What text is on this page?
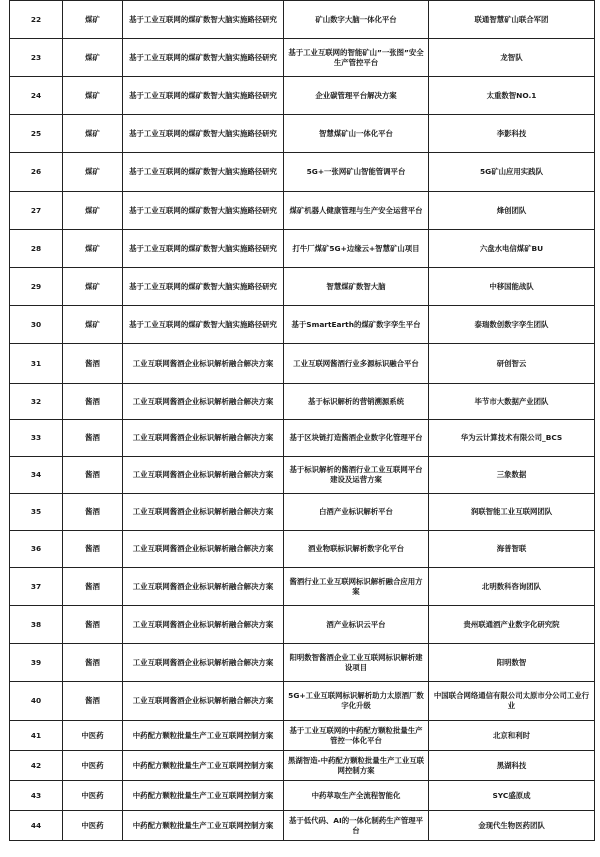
22	煤矿	基于工业互联网的煤矿数智大脑实施路径研究	矿山数字大脑一体化平台	联通智慧矿山联合军团
23	煤矿	基于工业互联网的煤矿数智大脑实施路径研究	基于工业互联网的智能矿山”一张图”安全生产管控平台	龙智队
24	煤矿	基于工业互联网的煤矿数智大脑实施路径研究	企业碳管理平台解决方案	太重数智NO.1
25	煤矿	基于工业互联网的煤矿数智大脑实施路径研究	智慧煤矿山一体化平台	李影科技
26	煤矿	基于工业互联网的煤矿数智大脑实施路径研究	5G+一张网矿山智能管调平台	5G矿山应用实践队
27	煤矿	基于工业互联网的煤矿数智大脑实施路径研究	煤矿机器人健康管理与生产安全运营平台	烽创团队
28	煤矿	基于工业互联网的煤矿数智大脑实施路径研究	打牛厂煤矿5G+边缘云+智慧矿山项目	六盘水电信煤矿BU
29	煤矿	基于工业互联网的煤矿数智大脑实施路径研究	智慧煤矿数智大脑	中移国能战队
30	煤矿	基于工业互联网的煤矿数智大脑实施路径研究	基于SmartEarth的煤矿数字孪生平台	泰瑞数创数字孪生团队
31	酱酒	工业互联网酱酒企业标识解析融合解决方案	工业互联网酱酒行业多源标识融合平台	研创智云
32	酱酒	工业互联网酱酒企业标识解析融合解决方案	基于标识解析的营销溯源系统	毕节市大数据产业团队
33	酱酒	工业互联网酱酒企业标识解析融合解决方案	基于区块链打造酱酒企业数字化管理平台	华为云计算技术有限公司_BCS
34	酱酒	工业互联网酱酒企业标识解析融合解决方案	基于标识解析的酱酒行业工业互联网平台建设及运营方案	三象数据
35	酱酒	工业互联网酱酒企业标识解析融合解决方案	白酒产业标识解析平台	润联智能工业互联网团队
36	酱酒	工业互联网酱酒企业标识解析融合解决方案	酒业物联标识解析数字化平台	海普智联
37	酱酒	工业互联网酱酒企业标识解析融合解决方案	酱酒行业工业互联网标识解析融合应用方案	北明数科咨询团队
38	酱酒	工业互联网酱酒企业标识解析融合解决方案	酒产业标识云平台	贵州联通酒产业数字化研究院
39	酱酒	工业互联网酱酒企业标识解析融合解决方案	阳明数智酱酒企业工业互联网标识解析建设项目	阳明数智
40	酱酒	工业互联网酱酒企业标识解析融合解决方案	5G+工业互联网标识解析助力太原酒厂数字化升级	中国联合网络通信有限公司太原市分公司工业行业
41	中医药	中药配方颗粒批量生产工业互联网控制方案	基于工业互联网的中药配方颗粒批量生产管控一体化平台	北京和利时
42	中医药	中药配方颗粒批量生产工业互联网控制方案	黑湖智造-中药配方颗粒批量生产工业互联 网控制方案	黑湖科技
43	中医药	中药配方颗粒批量生产工业互联网控制方案	中药萃取生产全流程智能化	SYC盛原成
44	中医药	中药配方颗粒批量生产工业互联网控制方案	基于低代码、AI的一体化制药生产管理平台	金现代生物医药团队
